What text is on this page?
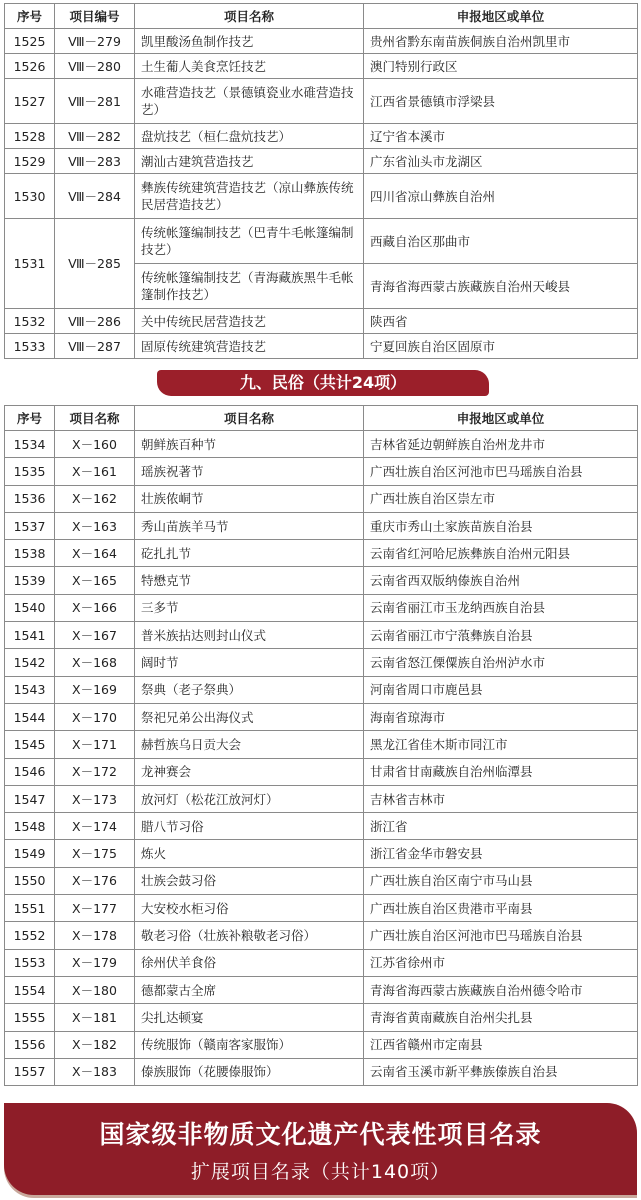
序号	项目编号	项目名称	申报地区或单位
1525	Ⅷ－279	凯里酸汤鱼制作技艺	贵州省黔东南苗族侗族自治州凯里市
1526	Ⅷ－280	土生葡人美食烹饪技艺	澳门特别行政区
1527	Ⅷ－281	水碓营造技艺（景德镇瓷业水碓营造技艺）	江西省景德镇市浮梁县
1528	Ⅷ－282	盘炕技艺（桓仁盘炕技艺）	辽宁省本溪市
1529	Ⅷ－283	潮汕古建筑营造技艺	广东省汕头市龙湖区
1530	Ⅷ－284	彝族传统建筑营造技艺（凉山彝族传统民居营造技艺）	四川省凉山彝族自治州
1531	Ⅷ－285	传统帐篷编制技艺（巴青牛毛帐篷编制技艺）	西藏自治区那曲市
		传统帐篷编制技艺（青海藏族黑牛毛帐篷制作技艺）	青海省海西蒙古族藏族自治州天峻县
1532	Ⅷ－286	关中传统民居营造技艺	陕西省
1533	Ⅷ－287	固原传统建筑营造技艺	宁夏回族自治区固原市
九、民俗（共计24项）
序号	项目名称	项目名称	申报地区或单位
1534	Ⅹ－160	朝鲜族百种节	吉林省延边朝鲜族自治州龙井市
1535	Ⅹ－161	瑶族祝著节	广西壮族自治区河池市巴马瑶族自治县
1536	Ⅹ－162	壮族侬峒节	广西壮族自治区崇左市
1537	Ⅹ－163	秀山苗族羊马节	重庆市秀山土家族苗族自治县
1538	Ⅹ－164	矻扎扎节	云南省红河哈尼族彝族自治州元阳县
1539	Ⅹ－165	特懋克节	云南省西双版纳傣族自治州
1540	Ⅹ－166	三多节	云南省丽江市玉龙纳西族自治县
1541	Ⅹ－167	普米族拈达则封山仪式	云南省丽江市宁蒗彝族自治县
1542	Ⅹ－168	阔时节	云南省怒江傈僳族自治州泸水市
1543	Ⅹ－169	祭典（老子祭典）	河南省周口市鹿邑县
1544	Ⅹ－170	祭祀兄弟公出海仪式	海南省琼海市
1545	Ⅹ－171	赫哲族乌日贡大会	黑龙江省佳木斯市同江市
1546	Ⅹ－172	龙神赛会	甘肃省甘南藏族自治州临潭县
1547	Ⅹ－173	放河灯（松花江放河灯）	吉林省吉林市
1548	Ⅹ－174	腊八节习俗	浙江省
1549	Ⅹ－175	炼火	浙江省金华市磐安县
1550	Ⅹ－176	壮族会鼓习俗	广西壮族自治区南宁市马山县
1551	Ⅹ－177	大安校水柜习俗	广西壮族自治区贵港市平南县
1552	Ⅹ－178	敬老习俗（壮族补粮敬老习俗）	广西壮族自治区河池市巴马瑶族自治县
1553	Ⅹ－179	徐州伏羊食俗	江苏省徐州市
1554	Ⅹ－180	德都蒙古全席	青海省海西蒙古族藏族自治州德令哈市
1555	Ⅹ－181	尖扎达顿宴	青海省黄南藏族自治州尖扎县
1556	Ⅹ－182	传统服饰（赣南客家服饰）	江西省赣州市定南县
1557	Ⅹ－183	傣族服饰（花腰傣服饰）	云南省玉溪市新平彝族傣族自治县
国家级非物质文化遗产代表性项目名录
扩展项目名录（共计140项）
